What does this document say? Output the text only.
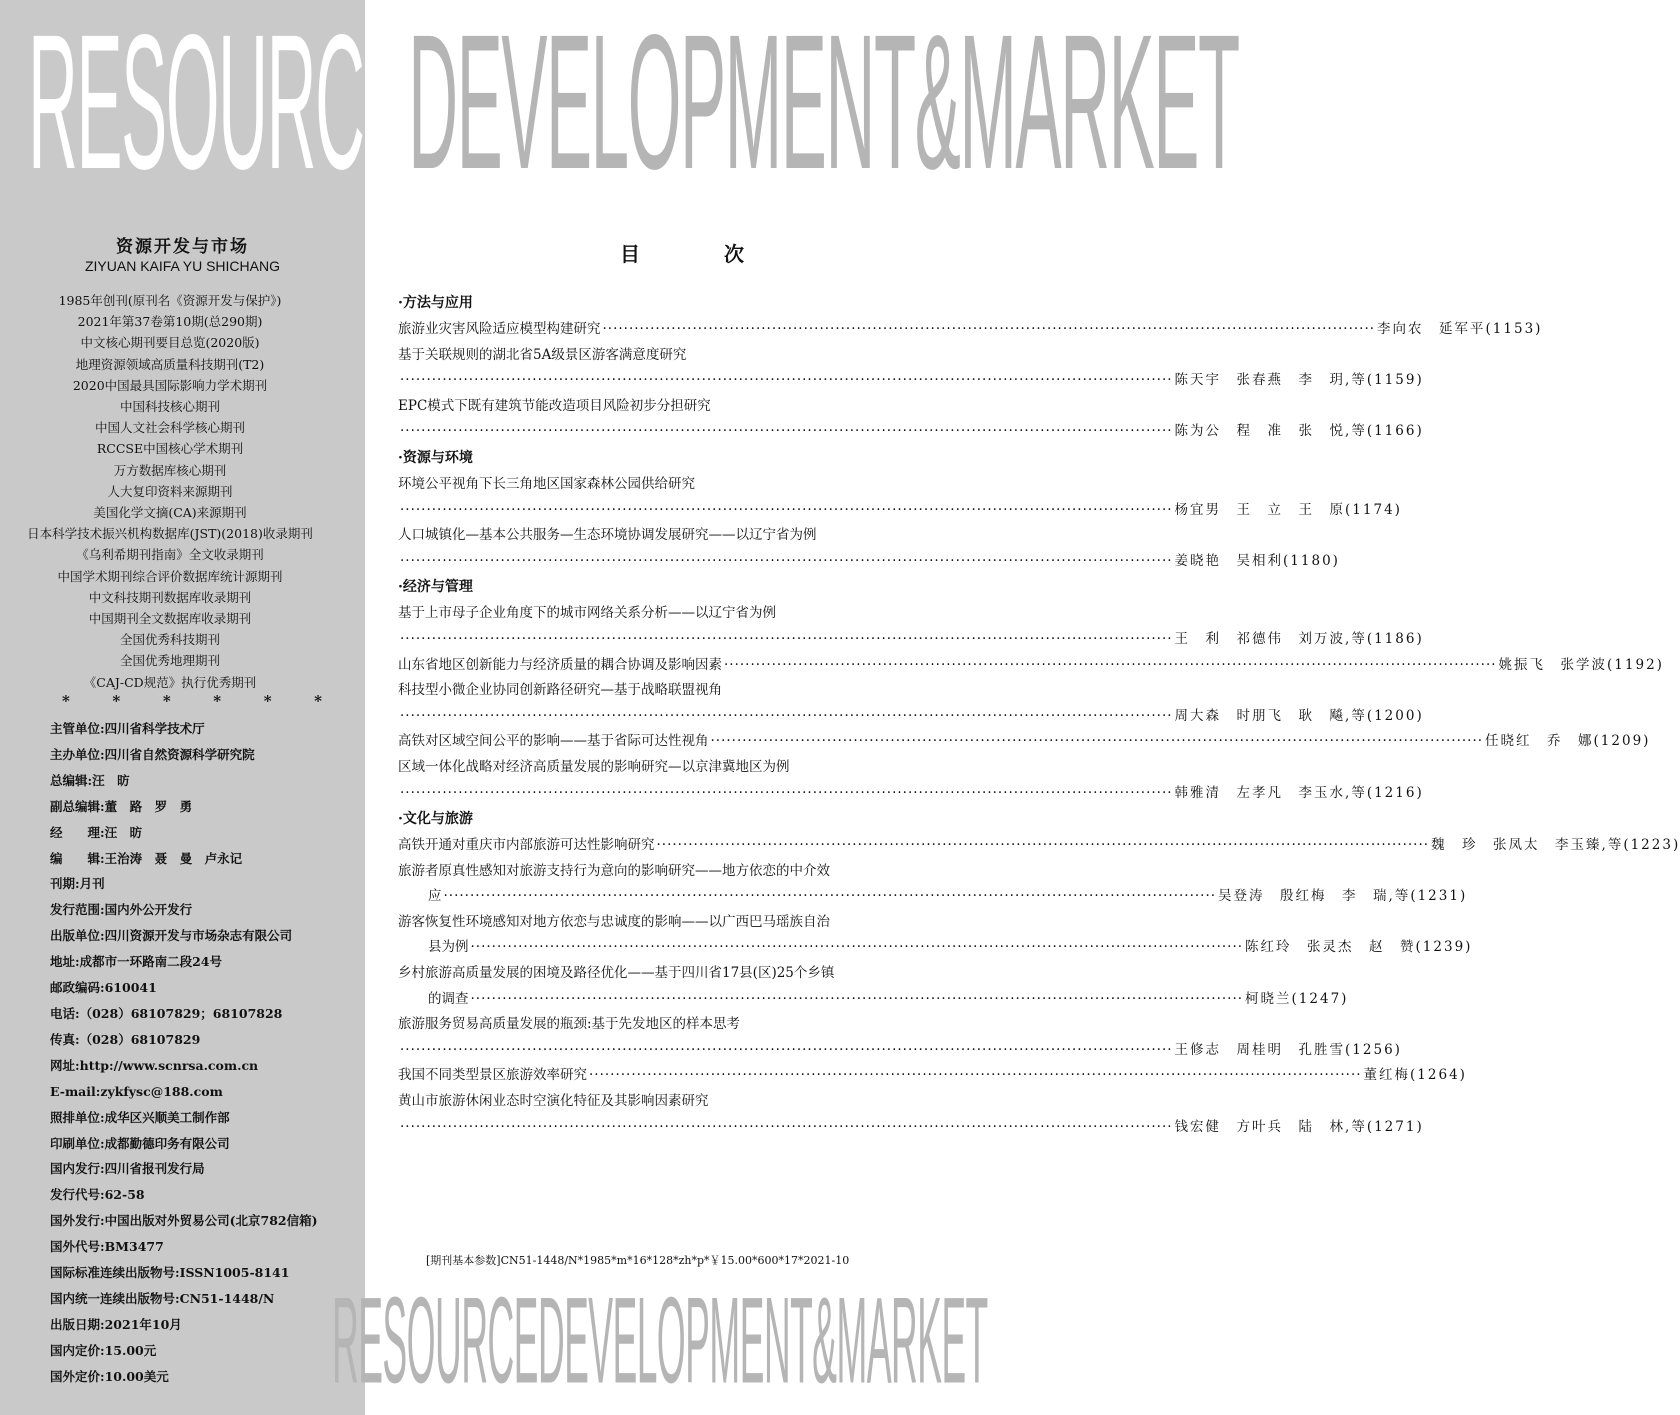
RESOURCEDEVELOPMENT&MARKET
资源开发与市场
ZIYUAN KAIFA YU SHICHANG
1985年创刊(原刊名《资源开发与保护》)
2021年第37卷第10期(总290期)
中文核心期刊要目总览(2020版)
地理资源领域高质量科技期刊(T2)
2020中国最具国际影响力学术期刊
中国科技核心期刊
中国人文社会科学核心期刊
RCCSE中国核心学术期刊
万方数据库核心期刊
人大复印资料来源期刊
美国化学文摘(CA)来源期刊
日本科学技术振兴机构数据库(JST)(2018)收录期刊
《乌利希期刊指南》全文收录期刊
中国学术期刊综合评价数据库统计源期刊
中文科技期刊数据库收录期刊
中国期刊全文数据库收录期刊
全国优秀科技期刊
全国优秀地理期刊
《CAJ-CD规范》执行优秀期刊
*	*	*	*	*	*
主管单位:四川省科学技术厅
主办单位:四川省自然资源科学研究院
总编辑:汪　昉
副总编辑:董　路　罗　勇
经　　理:汪　昉
编　　辑:王治涛　聂　曼　卢永记
刊期:月刊
发行范围:国内外公开发行
出版单位:四川资源开发与市场杂志有限公司
地址:成都市一环路南二段24号
邮政编码:610041
电话:（028）68107829；68107828
传真:（028）68107829
网址:http://www.scnrsa.com.cn
E-mail:zykfysc@188.com
照排单位:成华区兴顺美工制作部
印刷单位:成都勤德印务有限公司
国内发行:四川省报刊发行局
发行代号:62-58
国外发行:中国出版对外贸易公司(北京782信箱)
国外代号:BM3477
国际标准连续出版物号:ISSN1005-8141
国内统一连续出版物号:CN51-1448/N
出版日期:2021年10月
国内定价:15.00元
国外定价:10.00美元
目　次
·方法与应用
旅游业灾害风险适应模型构建研究 ·····	李向农　延军平(1153)
基于关联规则的湖北省5A级景区游客满意度研究
·····
陈天宇　张春燕　李　玥,等(1159)
EPC模式下既有建筑节能改造项目风险初步分担研究
·····
陈为公　程　准　张　悦,等(1166)
·资源与环境
环境公平视角下长三角地区国家森林公园供给研究
·····
杨宜男　王　立　王　原(1174)
人口城镇化—基本公共服务—生态环境协调发展研究——以辽宁省为例
·····
姜晓艳　吴相利(1180)
·经济与管理
基于上市母子企业角度下的城市网络关系分析——以辽宁省为例
·····
王　利　祁德伟　刘万波,等(1186)
山东省地区创新能力与经济质量的耦合协调及影响因素 ·····	姚振飞　张学波(1192)
科技型小微企业协同创新路径研究—基于战略联盟视角
·····
周大森　时朋飞　耿　飚,等(1200)
高铁对区域空间公平的影响——基于省际可达性视角 ·····	任晓红　乔　娜(1209)
区域一体化战略对经济高质量发展的影响研究—以京津冀地区为例
·····
韩雅清　左孝凡　李玉水,等(1216)
·文化与旅游
高铁开通对重庆市内部旅游可达性影响研究 ·····	魏　珍　张凤太　李玉臻,等(1223)
旅游者原真性感知对旅游支持行为意向的影响研究——地方依恋的中介效
应 ·····	吴登涛　殷红梅　李　瑞,等(1231)
游客恢复性环境感知对地方依恋与忠诚度的影响——以广西巴马瑶族自治
县为例 ·····	陈红玲　张灵杰　赵　赞(1239)
乡村旅游高质量发展的困境及路径优化——基于四川省17县(区)25个乡镇
的调查 ·····	柯晓兰(1247)
旅游服务贸易高质量发展的瓶颈:基于先发地区的样本思考
·····
王修志　周桂明　孔胜雪(1256)
我国不同类型景区旅游效率研究 ·····	董红梅(1264)
黄山市旅游休闲业态时空演化特征及其影响因素研究
·····
钱宏健　方叶兵　陆　林,等(1271)
[期刊基本参数]CN51-1448/N*1985*m*16*128*zh*p*￥15.00*600*17*2021-10
RESOURCEDEVELOPMENT&MARKET
